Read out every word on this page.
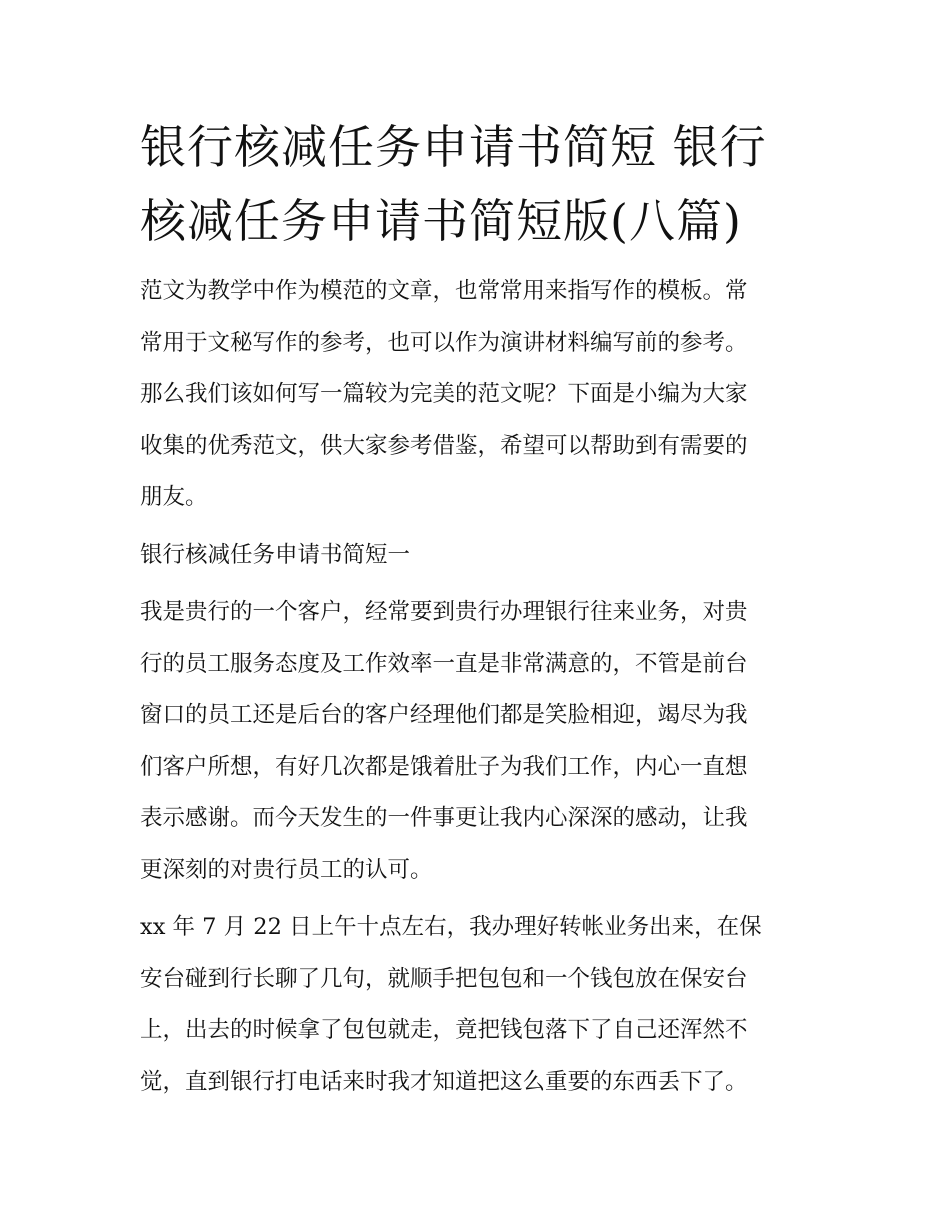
银行核减任务申请书简短 银行
核减任务申请书简短版(八篇)
范文为教学中作为模范的文章，也常常用来指写作的模板。常
常用于文秘写作的参考，也可以作为演讲材料编写前的参考。
那么我们该如何写一篇较为完美的范文呢？下面是小编为大家
收集的优秀范文，供大家参考借鉴，希望可以帮助到有需要的
朋友。
银行核减任务申请书简短一
我是贵行的一个客户，经常要到贵行办理银行往来业务，对贵
行的员工服务态度及工作效率一直是非常满意的，不管是前台
窗口的员工还是后台的客户经理他们都是笑脸相迎，竭尽为我
们客户所想，有好几次都是饿着肚子为我们工作，内心一直想
表示感谢。而今天发生的一件事更让我内心深深的感动，让我
更深刻的对贵行员工的认可。
xx 年 7 月 22 日上午十点左右，我办理好转帐业务出来，在保
安台碰到行长聊了几句，就顺手把包包和一个钱包放在保安台
上，出去的时候拿了包包就走，竟把钱包落下了自己还浑然不
觉，直到银行打电话来时我才知道把这么重要的东西丢下了。
